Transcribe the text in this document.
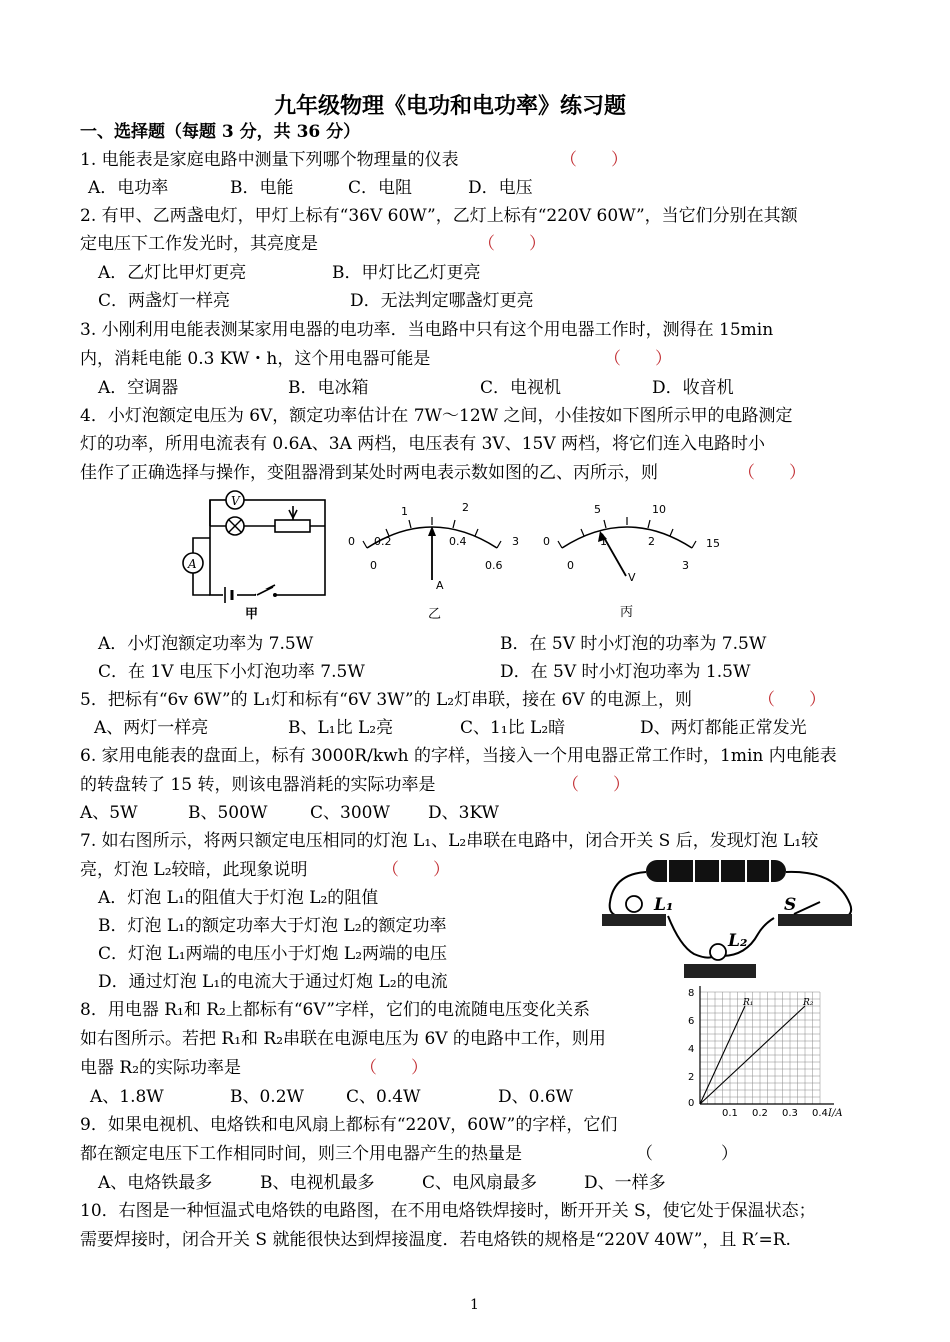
九年级物理《电功和电功率》练习题
一、选择题（每题 3 分，共 36 分）
1. 电能表是家庭电路中测量下列哪个物理量的仪表	（　　）
A．电功率	B．电能	C．电阻	D．电压
2. 有甲、乙两盏电灯，甲灯上标有“36V 60W”，乙灯上标有“220V 60W”，当它们分别在其额
定电压下工作发光时，其亮度是	（　　）
A．乙灯比甲灯更亮	B．甲灯比乙灯更亮
C．两盏灯一样亮	D．无法判定哪盏灯更亮
3. 小刚利用电能表测某家用电器的电功率．当电路中只有这个用电器工作时，测得在 15min
内，消耗电能 0.3 KW・h，这个用电器可能是	（　　）
A．空调器	B．电冰箱	C．电视机	D．收音机
4．小灯泡额定电压为 6V，额定功率估计在 7W～12W 之间，小佳按如下图所示甲的电路测定
灯的功率，所用电流表有 0.6A、3A 两档，电压表有 3V、15V 两档，将它们连入电路时小
佳作了正确选择与操作，变阻器滑到某处时两电表示数如图的乙、丙所示，则	（　　）
V
A
甲
0 0.2
1
0.4
2
3
0	0.6
A
乙
0
5
1
10
2	15
0	3
V
丙
A．小灯泡额定功率为 7.5W	B．在 5V 时小灯泡的功率为 7.5W
C．在 1V 电压下小灯泡功率 7.5W	D．在 5V 时小灯泡功率为 1.5W
5．把标有“6v 6W”的 L₁灯和标有“6V 3W”的 L₂灯串联，接在 6V 的电源上，则	（　　）
A、两灯一样亮	B、L₁比 L₂亮	C、1₁比 L₂暗	D、两灯都能正常发光
6. 家用电能表的盘面上，标有 3000R/kwh 的字样，当接入一个用电器正常工作时，1min 内电能表
的转盘转了 15 转，则该电器消耗的实际功率是	（　　）
A、5W	B、500W	C、300W D、3KW
7. 如右图所示，将两只额定电压相同的灯泡 L₁、L₂串联在电路中，闭合开关 S 后，发现灯泡 L₁较
亮，灯泡 L₂较暗，此现象说明	（　　）
A．灯泡 L₁的阻值大于灯泡 L₂的阻值
B．灯泡 L₁的额定功率大于灯泡 L₂的额定功率
C．灯泡 L₁两端的电压小于灯炮 L₂两端的电压
D．通过灯泡 L₁的电流大于通过灯炮 L₂的电流
L₁
L₂
S
8．用电器 R₁和 R₂上都标有“6V”字样，它们的电流随电压变化关系
如右图所示。若把 R₁和 R₂串联在电源电压为 6V 的电路中工作，则用
电器 R₂的实际功率是	（　　）
A、1.8W	B、0.2W C、0.4W	D、0.6W
R₁	R₂
0
0.1 0.2 0.3 0.4
2
4
6
8
I/A
9．如果电视机、电烙铁和电风扇上都标有“220V，60W”的字样，它们
都在额定电压下工作相同时间，则三个用电器产生的热量是	（　　　　）
A、电烙铁最多	B、电视机最多	C、电风扇最多	D、一样多
10．右图是一种恒温式电烙铁的电路图，在不用电烙铁焊接时，断开开关 S，使它处于保温状态；
需要焊接时，闭合开关 S 就能很快达到焊接温度．若电烙铁的规格是“220V 40W”，且 R′=R.
1
